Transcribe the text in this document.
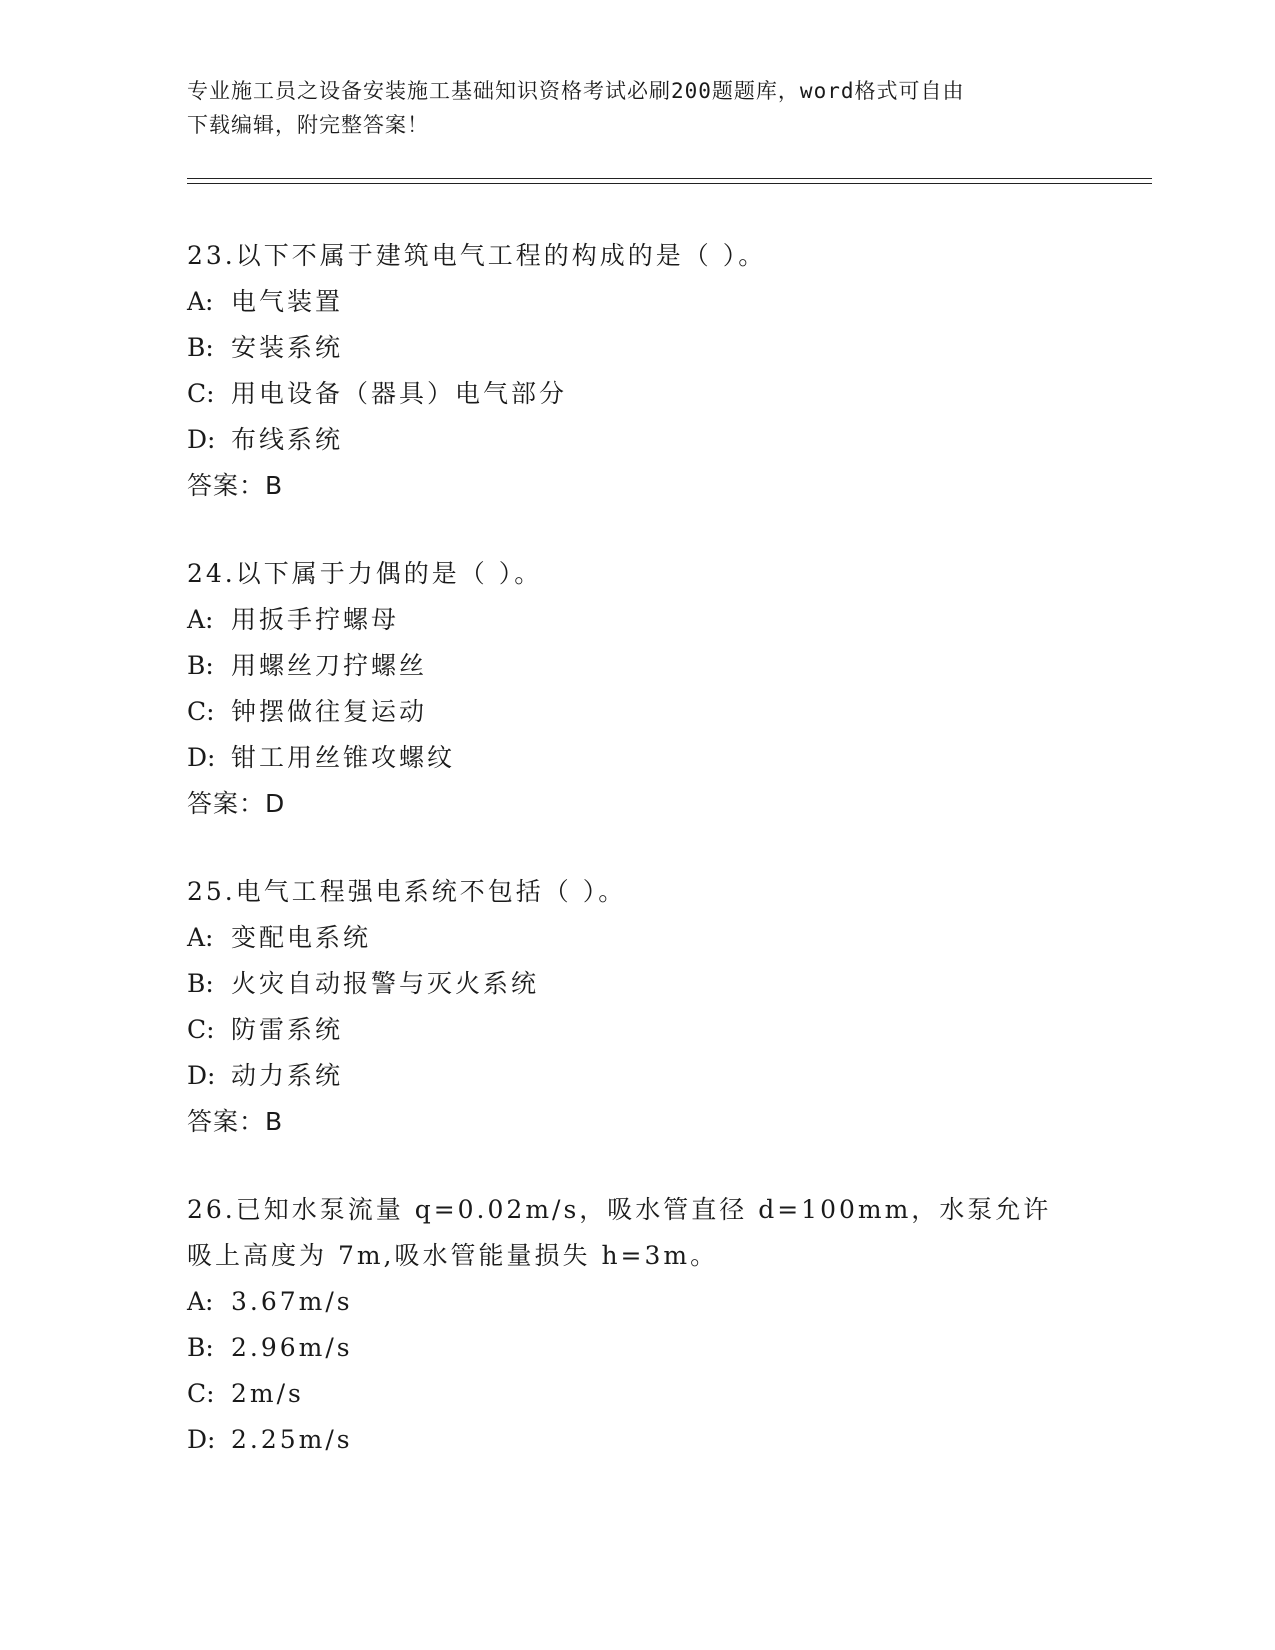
专业施工员之设备安装施工基础知识资格考试必刷200题题库，word格式可自由
下载编辑，附完整答案！
23.以下不属于建筑电气工程的构成的是（ ）。
A: 电气装置
B: 安装系统
C: 用电设备（器具）电气部分
D: 布线系统
答案：B
24.以下属于力偶的是（ ）。
A: 用扳手拧螺母
B: 用螺丝刀拧螺丝
C: 钟摆做往复运动
D: 钳工用丝锥攻螺纹
答案：D
25.电气工程强电系统不包括（ ）。
A: 变配电系统
B: 火灾自动报警与灭火系统
C: 防雷系统
D: 动力系统
答案：B
26.已知水泵流量 q=0.02m/s，吸水管直径 d=100mm，水泵允许吸上高度为 7m,吸水管能量损失 h=3m。
A: 3.67m/s
B: 2.96m/s
C: 2m/s
D: 2.25m/s
